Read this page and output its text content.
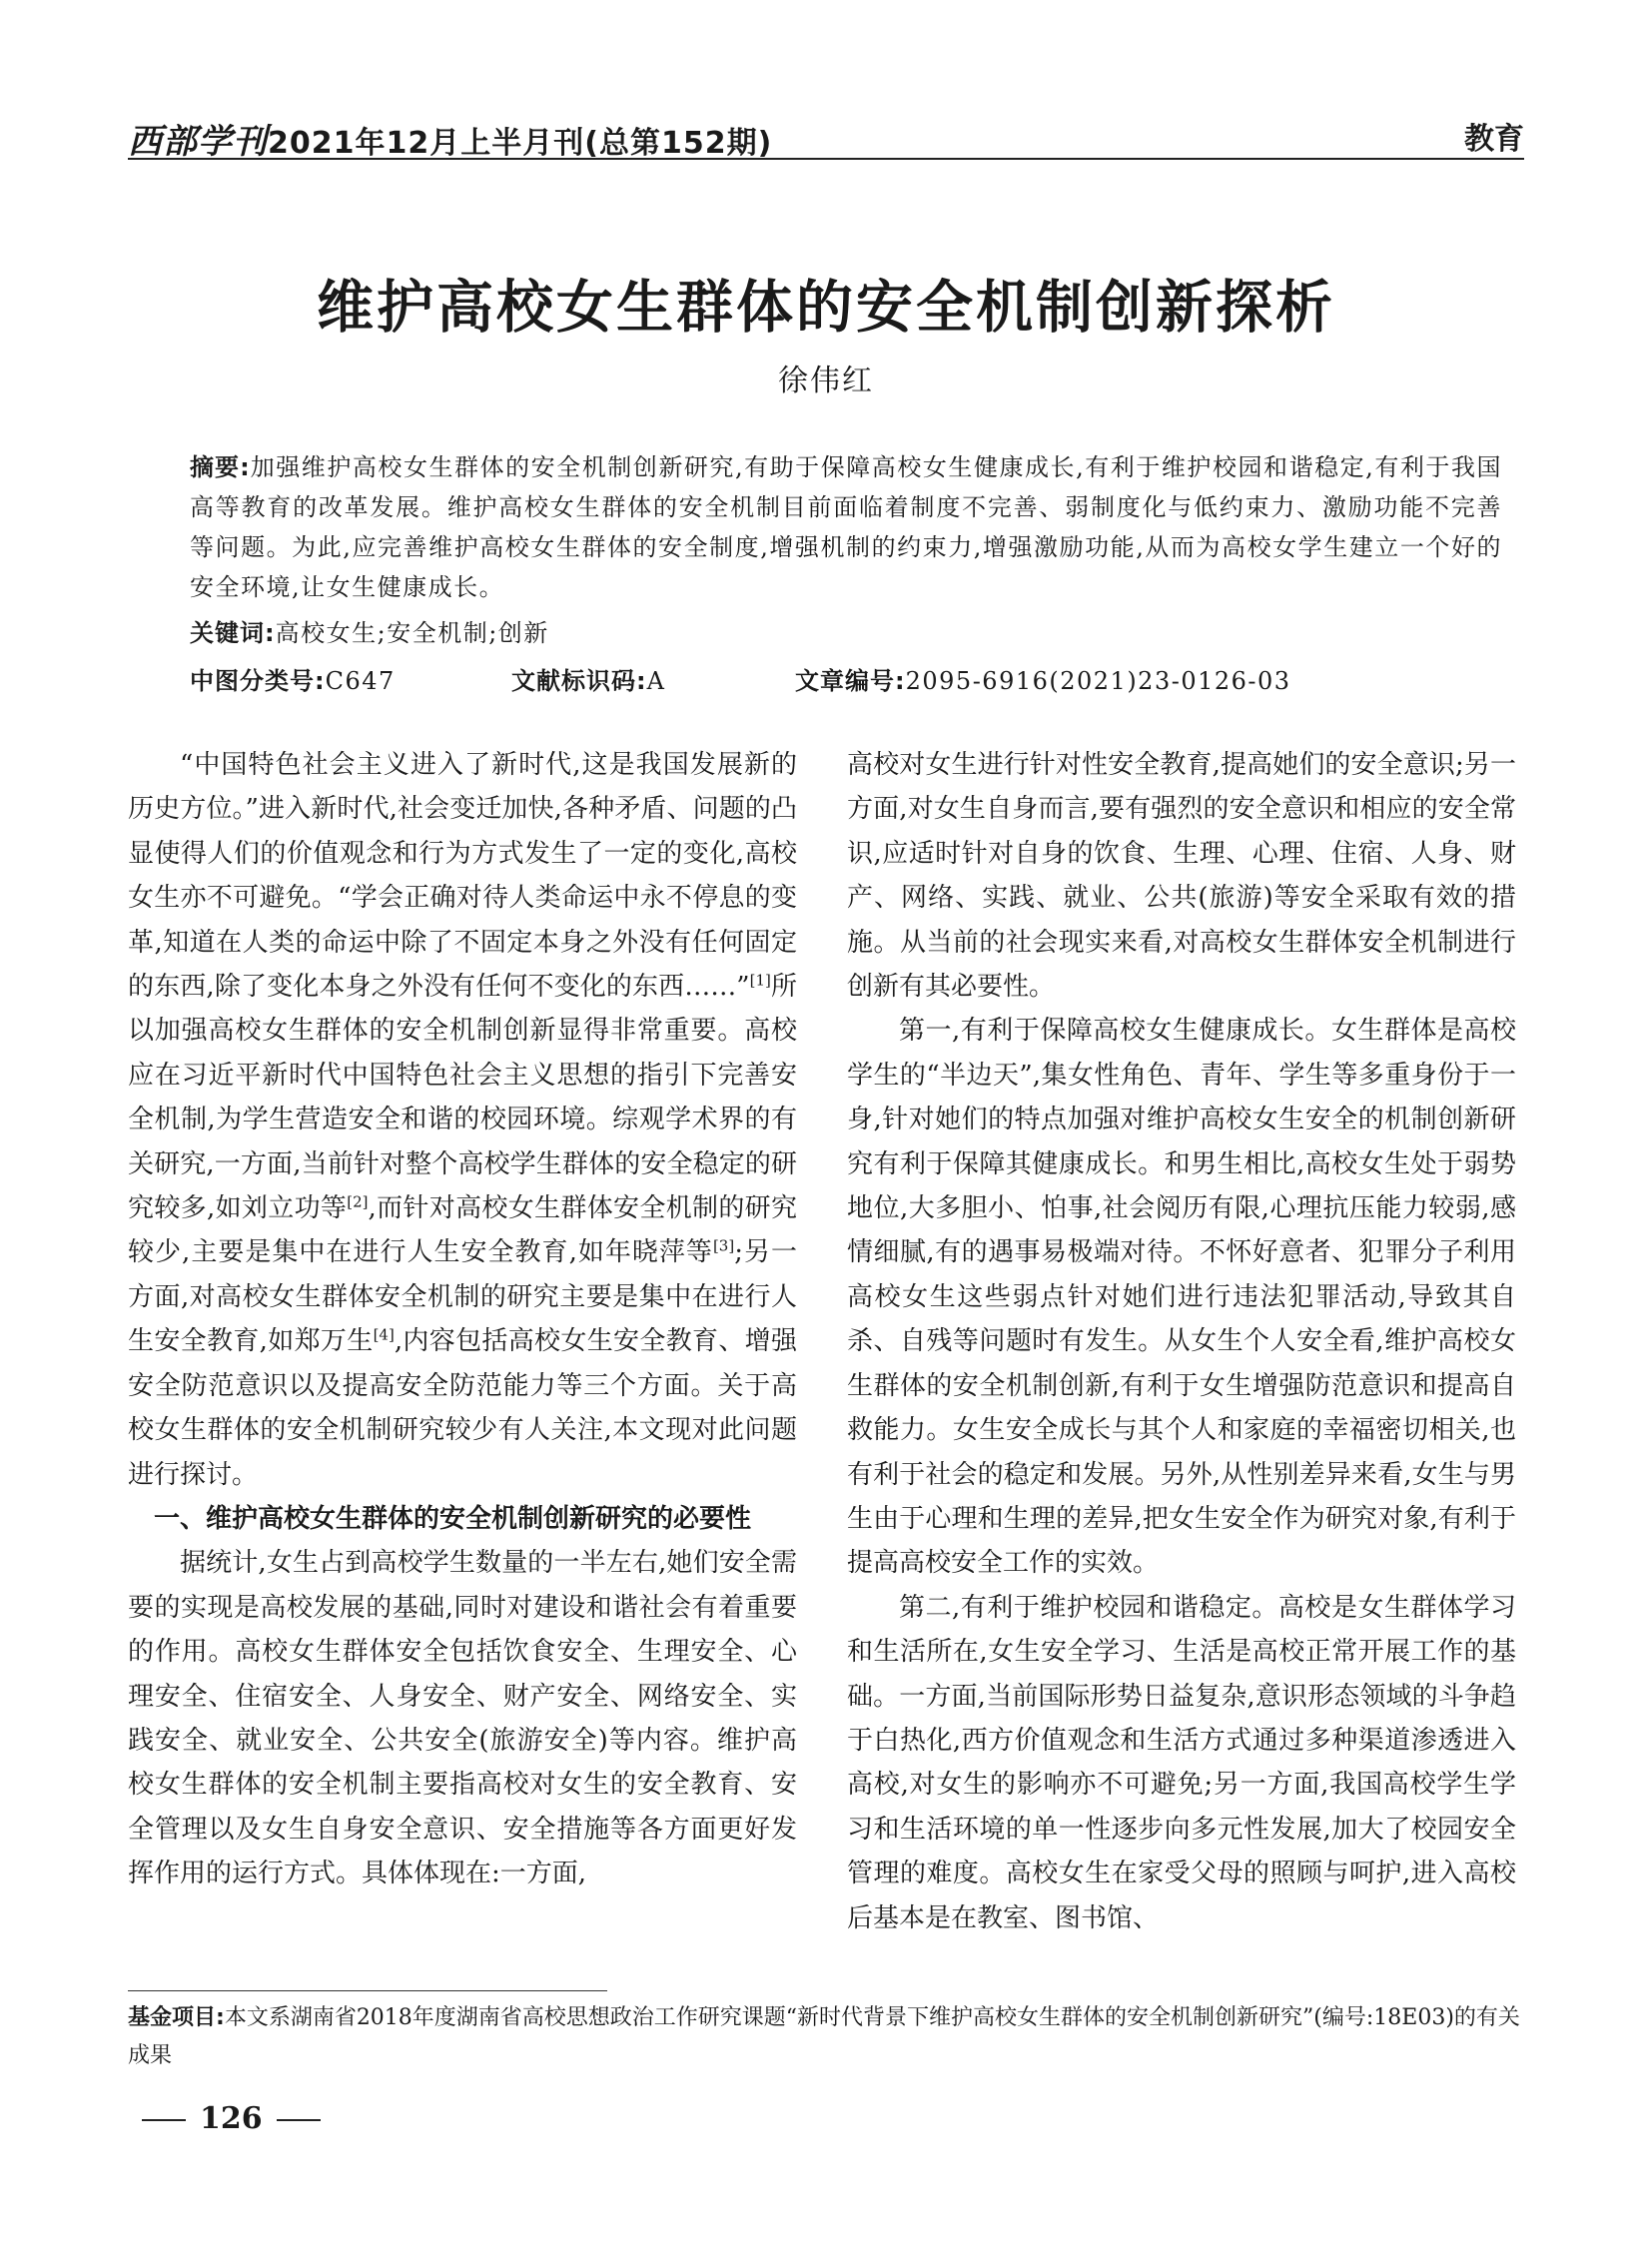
西部学刊2021年12月上半月刊(总第152期)	教育
维护高校女生群体的安全机制创新探析
徐伟红

摘要:加强维护高校女生群体的安全机制创新研究,有助于保障高校女生健康成长,有利于维护校园和谐稳定,有利于我国高等教育的改革发展。维护高校女生群体的安全机制目前面临着制度不完善、弱制度化与低约束力、激励功能不完善等问题。为此,应完善维护高校女生群体的安全制度,增强机制的约束力,增强激励功能,从而为高校女学生建立一个好的安全环境,让女生健康成长。

关键词:高校女生;安全机制;创新

中图分类号:C647	文献标识码:A	文章编号:2095-6916(2021)23-0126-03

“中国特色社会主义进入了新时代,这是我国发展新的历史方位。”进入新时代,社会变迁加快,各种矛盾、问题的凸显使得人们的价值观念和行为方式发生了一定的变化,高校女生亦不可避免。“学会正确对待人类命运中永不停息的变革,知道在人类的命运中除了不固定本身之外没有任何固定的东西,除了变化本身之外没有任何不变化的东西……”[1]所以加强高校女生群体的安全机制创新显得非常重要。高校应在习近平新时代中国特色社会主义思想的指引下完善安全机制,为学生营造安全和谐的校园环境。综观学术界的有关研究,一方面,当前针对整个高校学生群体的安全稳定的研究较多,如刘立功等[2],而针对高校女生群体安全机制的研究较少,主要是集中在进行人生安全教育,如年晓萍等[3];另一方面,对高校女生群体安全机制的研究主要是集中在进行人生安全教育,如郑万生[4],内容包括高校女生安全教育、增强安全防范意识以及提高安全防范能力等三个方面。关于高校女生群体的安全机制研究较少有人关注,本文现对此问题进行探讨。

一、维护高校女生群体的安全机制创新研究的必要性

据统计,女生占到高校学生数量的一半左右,她们安全需要的实现是高校发展的基础,同时对建设和谐社会有着重要的作用。高校女生群体安全包括饮食安全、生理安全、心理安全、住宿安全、人身安全、财产安全、网络安全、实践安全、就业安全、公共安全(旅游安全)等内容。维护高校女生群体的安全机制主要指高校对女生的安全教育、安全管理以及女生自身安全意识、安全措施等各方面更好发挥作用的运行方式。具体体现在:一方面,

高校对女生进行针对性安全教育,提高她们的安全意识;另一方面,对女生自身而言,要有强烈的安全意识和相应的安全常识,应适时针对自身的饮食、生理、心理、住宿、人身、财产、网络、实践、就业、公共(旅游)等安全采取有效的措施。从当前的社会现实来看,对高校女生群体安全机制进行创新有其必要性。

第一,有利于保障高校女生健康成长。女生群体是高校学生的“半边天”,集女性角色、青年、学生等多重身份于一身,针对她们的特点加强对维护高校女生安全的机制创新研究有利于保障其健康成长。和男生相比,高校女生处于弱势地位,大多胆小、怕事,社会阅历有限,心理抗压能力较弱,感情细腻,有的遇事易极端对待。不怀好意者、犯罪分子利用高校女生这些弱点针对她们进行违法犯罪活动,导致其自杀、自残等问题时有发生。从女生个人安全看,维护高校女生群体的安全机制创新,有利于女生增强防范意识和提高自救能力。女生安全成长与其个人和家庭的幸福密切相关,也有利于社会的稳定和发展。另外,从性别差异来看,女生与男生由于心理和生理的差异,把女生安全作为研究对象,有利于提高高校安全工作的实效。

第二,有利于维护校园和谐稳定。高校是女生群体学习和生活所在,女生安全学习、生活是高校正常开展工作的基础。一方面,当前国际形势日益复杂,意识形态领域的斗争趋于白热化,西方价值观念和生活方式通过多种渠道渗透进入高校,对女生的影响亦不可避免;另一方面,我国高校学生学习和生活环境的单一性逐步向多元性发展,加大了校园安全管理的难度。高校女生在家受父母的照顾与呵护,进入高校后基本是在教室、图书馆、

基金项目:本文系湖南省2018年度湖南省高校思想政治工作研究课题“新时代背景下维护高校女生群体的安全机制创新研究”(编号:18E03)的有关成果
126
